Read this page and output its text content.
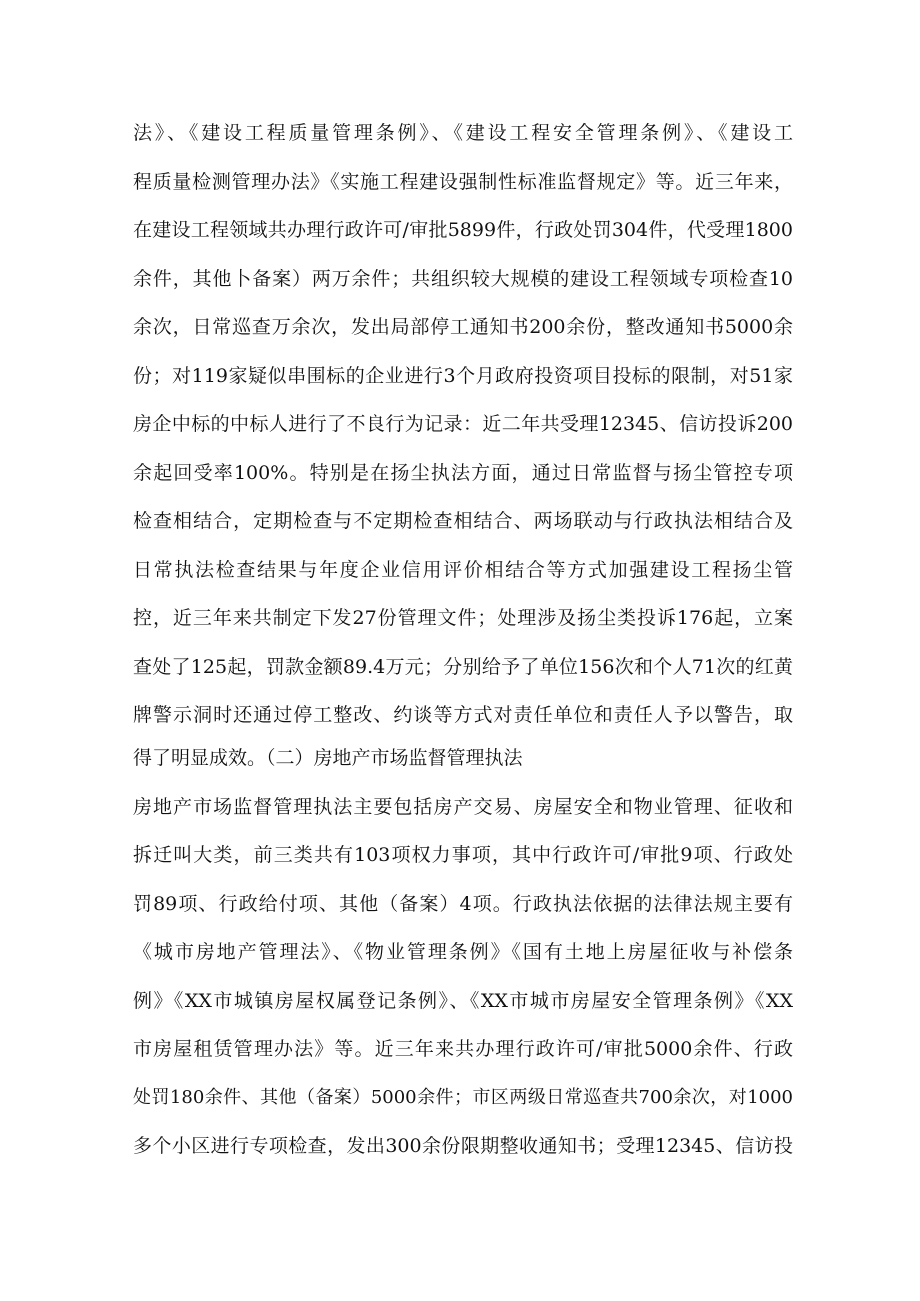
法》、《建设工程质量管理条例》、《建设工程安全管理条例》、《建设工
程质量检测管理办法》《实施工程建设强制性标准监督规定》等。近三年来，
在建设工程领域共办理行政许可/审批5899件，行政处罚304件，代受理1800
余件，其他卜备案）两万余件；共组织较大规模的建设工程领域专项检查10
余次，日常巡查万余次，发出局部停工通知书200余份，整改通知书5000余
份；对119家疑似串围标的企业进行3个月政府投资项目投标的限制，对51家
房企中标的中标人进行了不良行为记录：近二年共受理12345、信访投诉200
余起回受率100%。特别是在扬尘执法方面，通过日常监督与扬尘管控专项
检查相结合，定期检查与不定期检查相结合、两场联动与行政执法相结合及
日常执法检查结果与年度企业信用评价相结合等方式加强建设工程扬尘管
控，近三年来共制定下发27份管理文件；处理涉及扬尘类投诉176起，立案
查处了125起，罚款金额89.4万元；分别给予了单位156次和个人71次的红黄
牌警示洞时还通过停工整改、约谈等方式对责任单位和责任人予以警告，取
得了明显成效。（二）房地产市场监督管理执法
房地产市场监督管理执法主要包括房产交易、房屋安全和物业管理、征收和
拆迁叫大类，前三类共有103项权力事项，其中行政许可/审批9项、行政处
罚89项、行政给付项、其他（备案）4项。行政执法依据的法律法规主要有
《城市房地产管理法》、《物业管理条例》《国有土地上房屋征收与补偿条
例》《XX市城镇房屋权属登记条例》、《XX市城市房屋安全管理条例》《XX
市房屋租赁管理办法》等。近三年来共办理行政许可/审批5000余件、行政
处罚180余件、其他（备案）5000余件；市区两级日常巡查共700余次，对1000
多个小区进行专项检查，发出300余份限期整收通知书；受理12345、信访投
